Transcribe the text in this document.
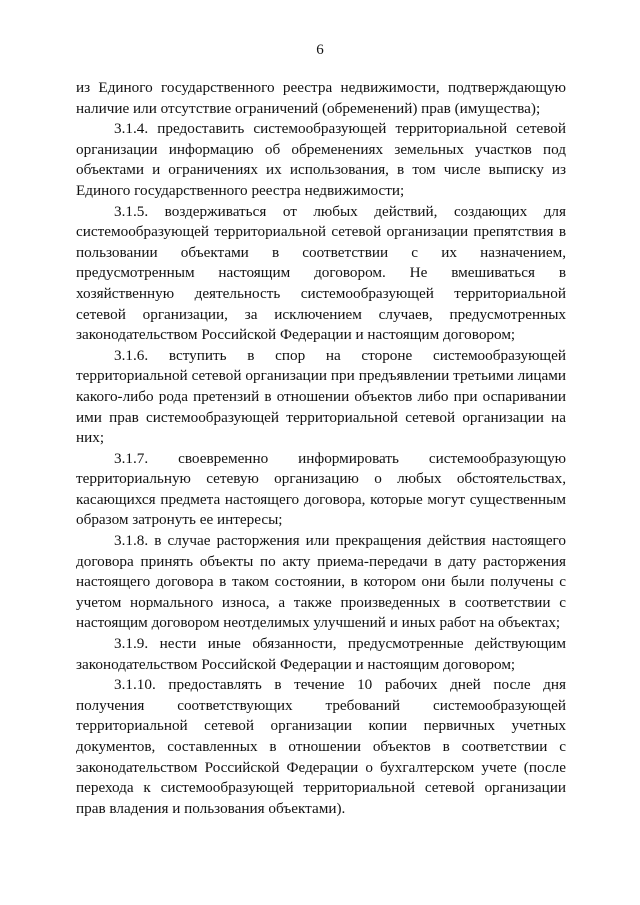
6

из Единого государственного реестра недвижимости, подтверждающую наличие или отсутствие ограничений (обременений) прав (имущества);

3.1.4. предоставить системообразующей территориальной сетевой организации информацию об обременениях земельных участков под объектами и ограничениях их использования, в том числе выписку из Единого государственного реестра недвижимости;

3.1.5. воздерживаться от любых действий, создающих для системообразующей территориальной сетевой организации препятствия в пользовании объектами в соответствии с их назначением, предусмотренным настоящим договором. Не вмешиваться в хозяйственную деятельность системообразующей территориальной сетевой организации, за исключением случаев, предусмотренных законодательством Российской Федерации и настоящим договором;

3.1.6. вступить в спор на стороне системообразующей территориальной сетевой организации при предъявлении третьими лицами какого-либо рода претензий в отношении объектов либо при оспаривании ими прав системообразующей территориальной сетевой организации на них;

3.1.7. своевременно информировать системообразующую территориальную сетевую организацию о любых обстоятельствах, касающихся предмета настоящего договора, которые могут существенным образом затронуть ее интересы;

3.1.8. в случае расторжения или прекращения действия настоящего договора принять объекты по акту приема-передачи в дату расторжения настоящего договора в таком состоянии, в котором они были получены с учетом нормального износа, а также произведенных в соответствии с настоящим договором неотделимых улучшений и иных работ на объектах;

3.1.9. нести иные обязанности, предусмотренные действующим законодательством Российской Федерации и настоящим договором;

3.1.10. предоставлять в течение 10 рабочих дней после дня получения соответствующих требований системообразующей территориальной сетевой организации копии первичных учетных документов, составленных в отношении объектов в соответствии с законодательством Российской Федерации о бухгалтерском учете (после перехода к системообразующей территориальной сетевой организации прав владения и пользования объектами).
